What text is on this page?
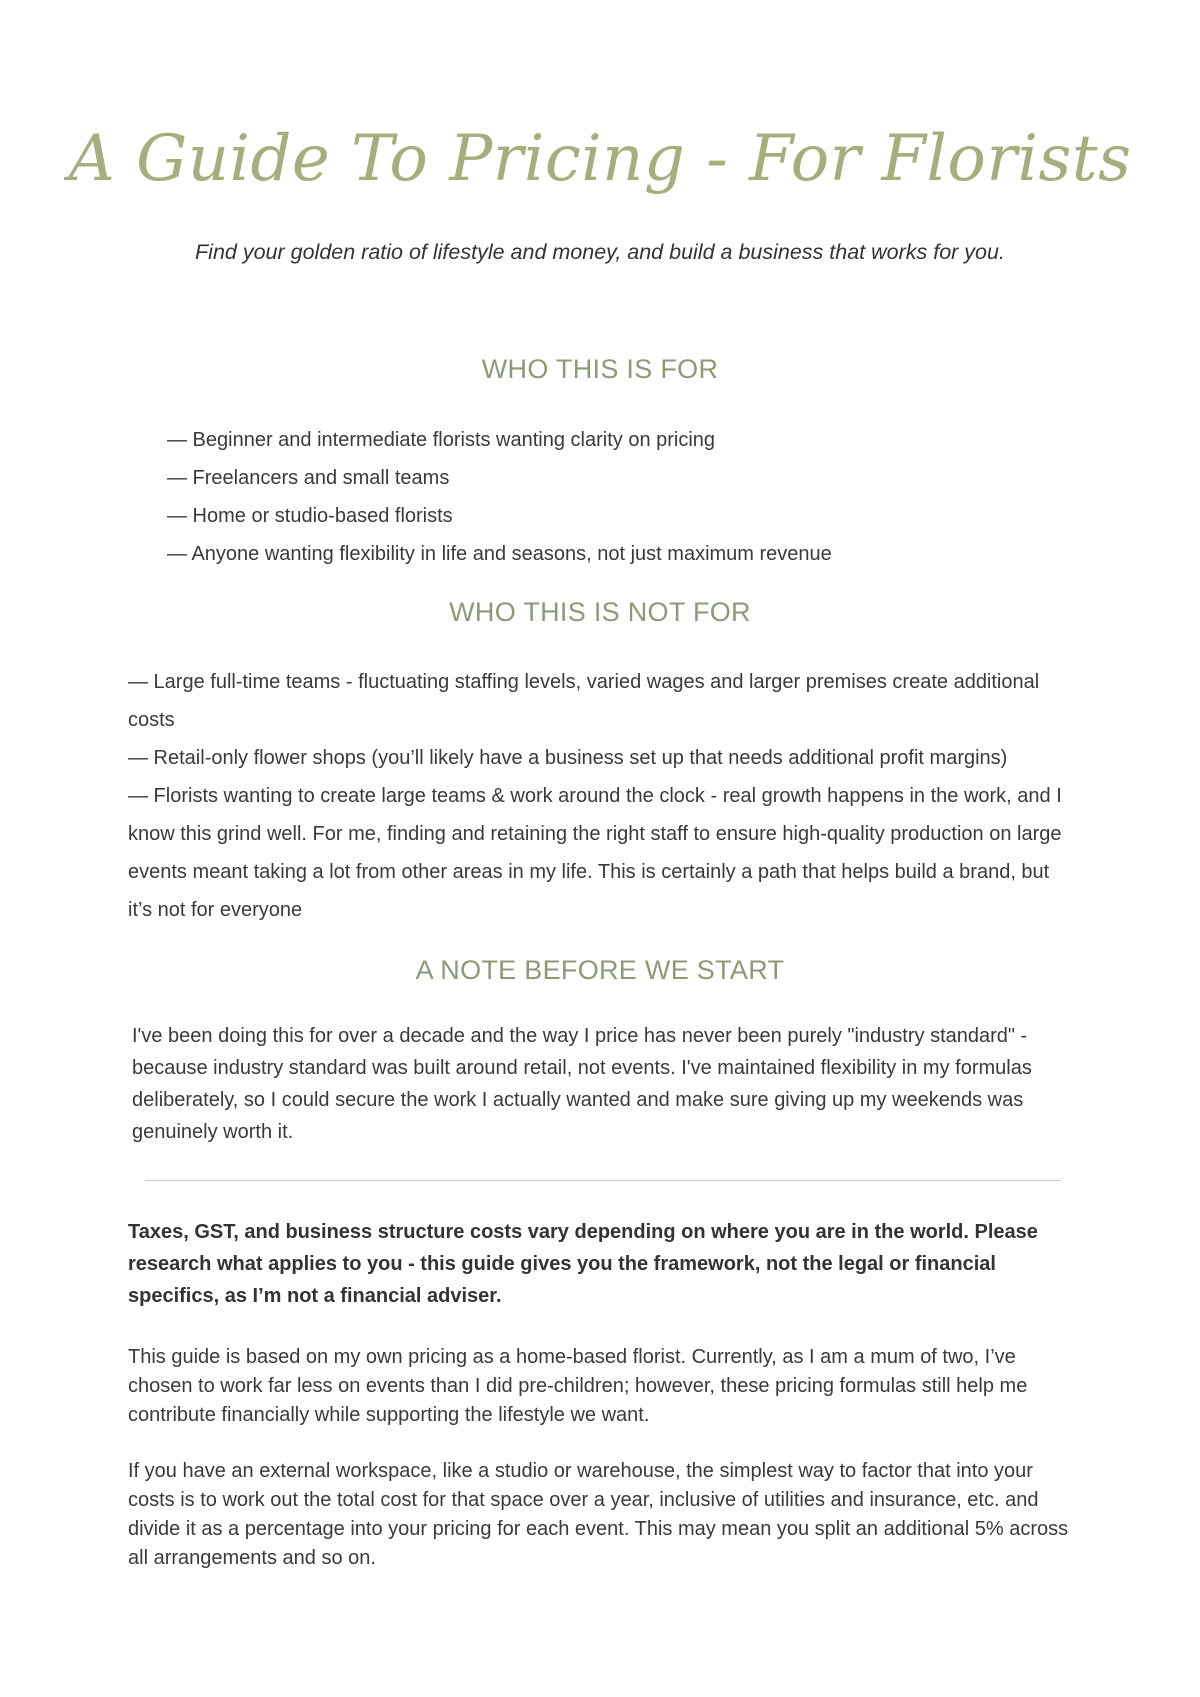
A Guide To Pricing - For Florists

Find your golden ratio of lifestyle and money, and build a business that works for you.

WHO THIS IS FOR
— Beginner and intermediate florists wanting clarity on pricing
— Freelancers and small teams
— Home or studio-based florists
— Anyone wanting flexibility in life and seasons, not just maximum revenue
WHO THIS IS NOT FOR
— Large full-time teams - fluctuating staffing levels, varied wages and larger premises create additional costs
— Retail-only flower shops (you’ll likely have a business set up that needs additional profit margins)
— Florists wanting to create large teams & work around the clock - real growth happens in the work, and I know this grind well. For me, finding and retaining the right staff to ensure high-quality production on large events meant taking a lot from other areas in my life. This is certainly a path that helps build a brand, but it’s not for everyone
A NOTE BEFORE WE START

I've been doing this for over a decade and the way I price has never been purely "industry standard" - because industry standard was built around retail, not events. I've maintained flexibility in my formulas deliberately, so I could secure the work I actually wanted and make sure giving up my weekends was genuinely worth it.

Taxes, GST, and business structure costs vary depending on where you are in the world. Please research what applies to you - this guide gives you the framework, not the legal or financial specifics, as I’m not a financial adviser.

This guide is based on my own pricing as a home-based florist. Currently, as I am a mum of two, I’ve chosen to work far less on events than I did pre-children; however, these pricing formulas still help me contribute financially while supporting the lifestyle we want.

If you have an external workspace, like a studio or warehouse, the simplest way to factor that into your costs is to work out the total cost for that space over a year, inclusive of utilities and insurance, etc. and divide it as a percentage into your pricing for each event. This may mean you split an additional 5% across all arrangements and so on.
